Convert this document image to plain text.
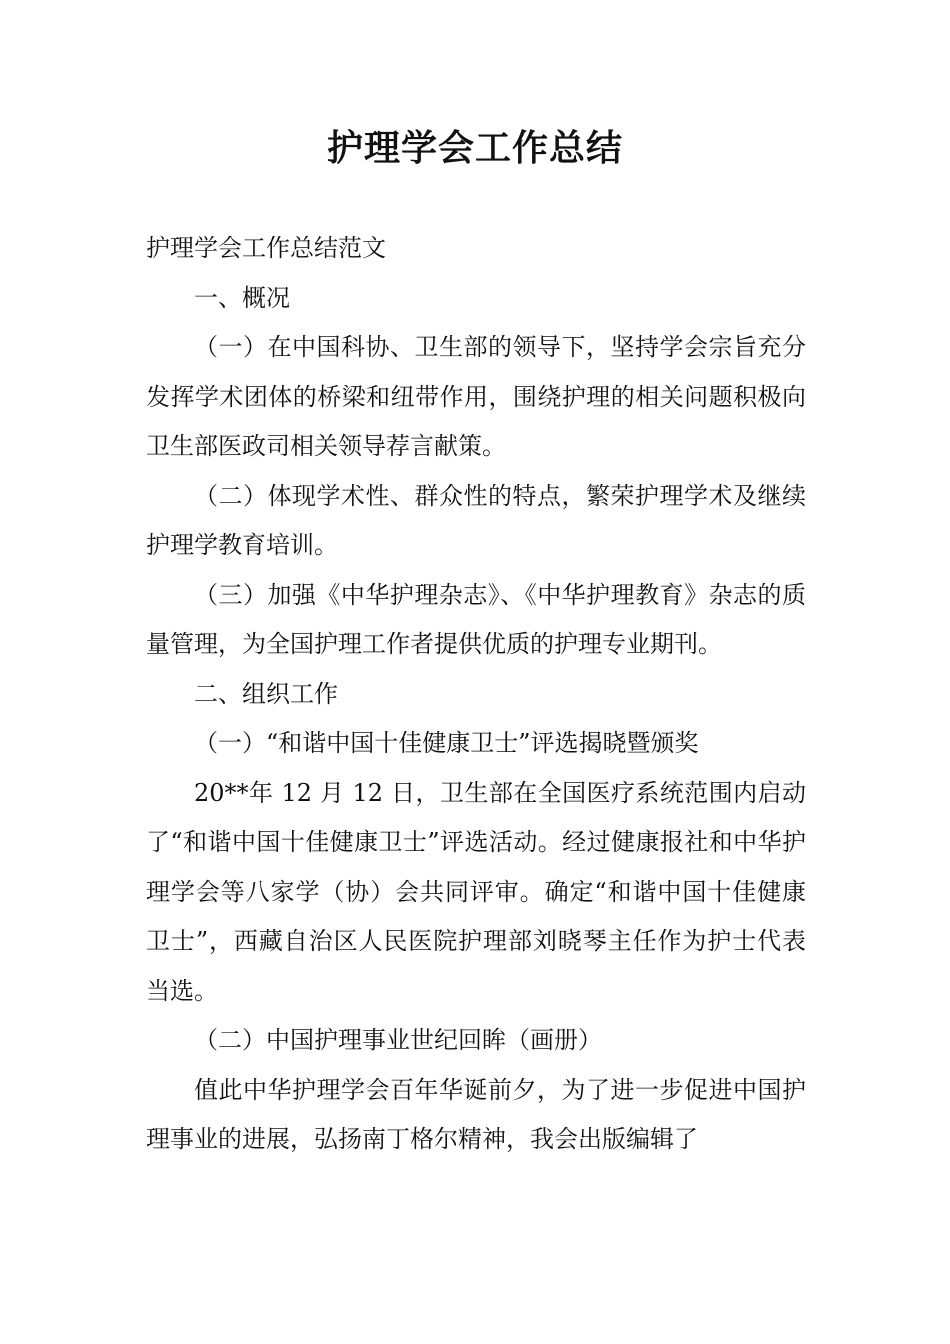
护理学会工作总结

护理学会工作总结范文

一、概况

（一）在中国科协、卫生部的领导下，坚持学会宗旨充分发挥学术团体的桥梁和纽带作用，围绕护理的相关问题积极向卫生部医政司相关领导荐言献策。

（二）体现学术性、群众性的特点，繁荣护理学术及继续护理学教育培训。

（三）加强《中华护理杂志》、《中华护理教育》杂志的质量管理，为全国护理工作者提供优质的护理专业期刊。

二、组织工作

（一）“和谐中国十佳健康卫士”评选揭晓暨颁奖

20**年 12 月 12 日，卫生部在全国医疗系统范围内启动了“和谐中国十佳健康卫士”评选活动。经过健康报社和中华护理学会等八家学（协）会共同评审。确定“和谐中国十佳健康卫士”，西藏自治区人民医院护理部刘晓琴主任作为护士代表当选。

（二）中国护理事业世纪回眸（画册）

值此中华护理学会百年华诞前夕，为了进一步促进中国护理事业的进展，弘扬南丁格尔精神，我会出版编辑了
